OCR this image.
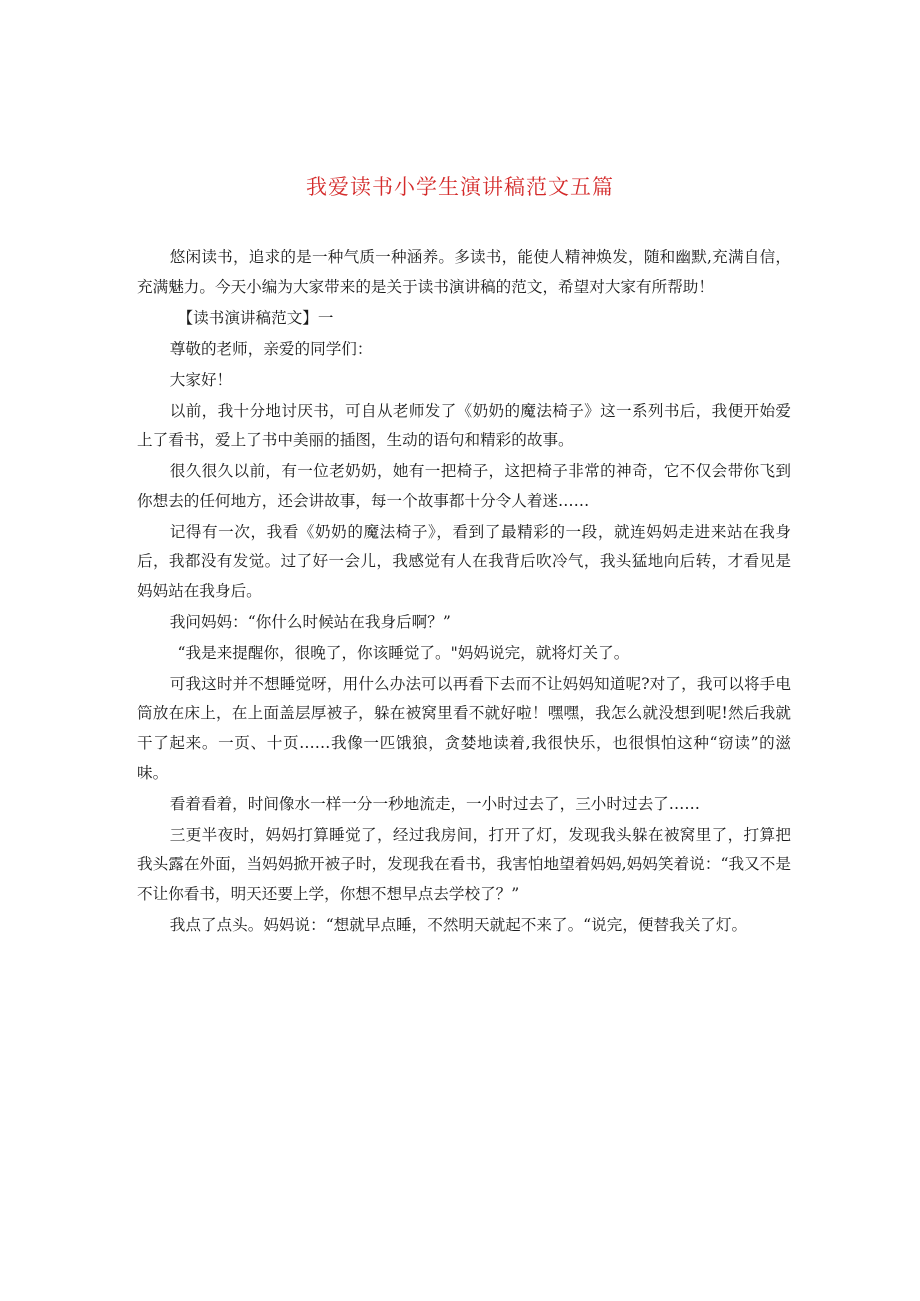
我爱读书小学生演讲稿范文五篇

悠闲读书，追求的是一种气质一种涵养。多读书，能使人精神焕发，随和幽默,充满自信，充满魅力。今天小编为大家带来的是关于读书演讲稿的范文，希望对大家有所帮助！

【读书演讲稿范文】一

尊敬的老师，亲爱的同学们：

大家好！

以前，我十分地讨厌书，可自从老师发了《奶奶的魔法椅子》这一系列书后，我便开始爱上了看书，爱上了书中美丽的插图，生动的语句和精彩的故事。

很久很久以前，有一位老奶奶，她有一把椅子，这把椅子非常的神奇，它不仅会带你飞到你想去的任何地方，还会讲故事，每一个故事都十分令人着迷……

记得有一次，我看《奶奶的魔法椅子》，看到了最精彩的一段，就连妈妈走进来站在我身后，我都没有发觉。过了好一会儿，我感觉有人在我背后吹冷气，我头猛地向后转，才看见是妈妈站在我身后。

我问妈妈：“你什么时候站在我身后啊？”

“我是来提醒你，很晚了，你该睡觉了。"妈妈说完，就将灯关了。

可我这时并不想睡觉呀，用什么办法可以再看下去而不让妈妈知道呢?对了，我可以将手电筒放在床上，在上面盖层厚被子，躲在被窝里看不就好啦！嘿嘿，我怎么就没想到呢!然后我就干了起来。一页、十页……我像一匹饿狼，贪婪地读着,我很快乐，也很惧怕这种“窃读”的滋味。

看着看着，时间像水一样一分一秒地流走，一小时过去了，三小时过去了……

三更半夜时，妈妈打算睡觉了，经过我房间，打开了灯，发现我头躲在被窝里了，打算把我头露在外面，当妈妈掀开被子时，发现我在看书，我害怕地望着妈妈,妈妈笑着说：“我又不是不让你看书，明天还要上学，你想不想早点去学校了？”

我点了点头。妈妈说：“想就早点睡，不然明天就起不来了。“说完，便替我关了灯。
